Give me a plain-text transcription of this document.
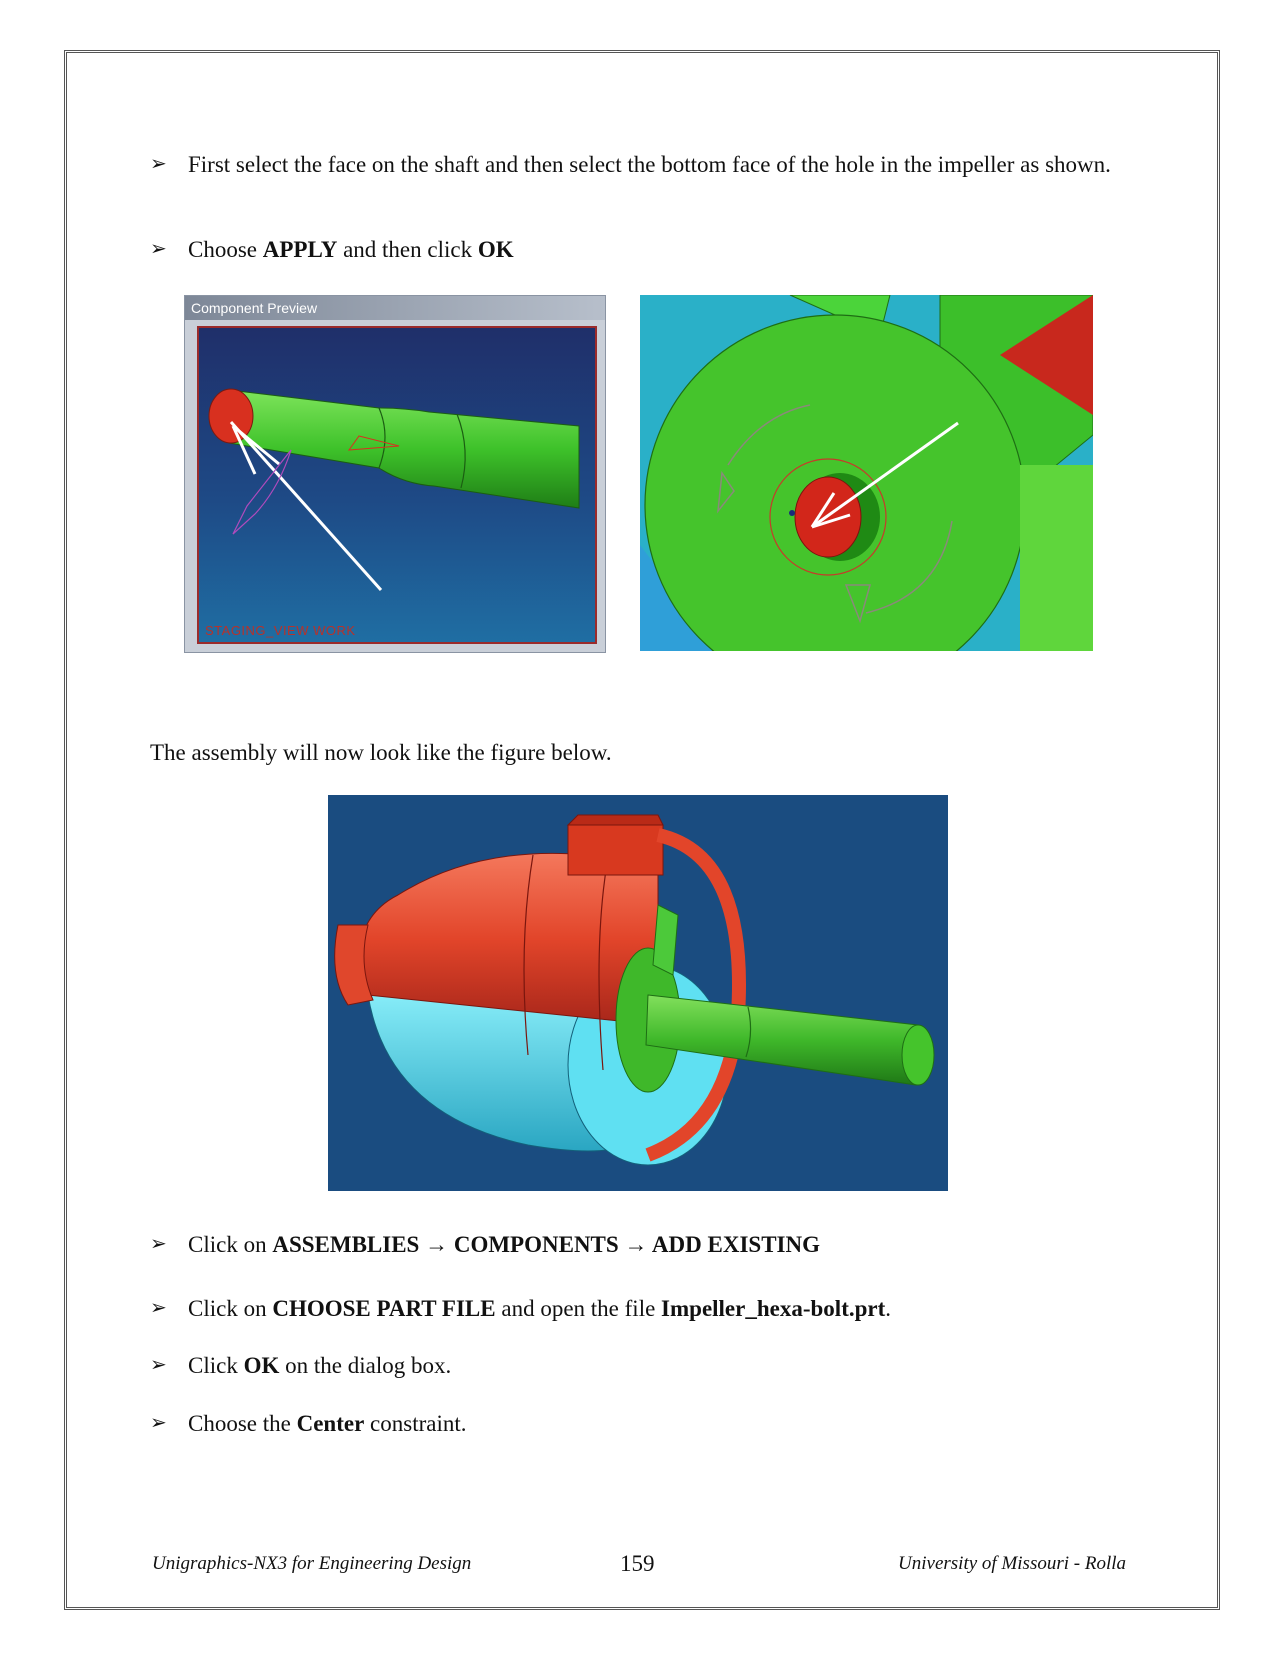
➢ First select the face on the shaft and then select the bottom face of the hole in the impeller as shown.
➢ Choose APPLY and then click OK
Component Preview
STAGING_VIEW WORK
The assembly will now look like the figure below.
➢ Click on ASSEMBLIES → COMPONENTS → ADD EXISTING
➢ Click on CHOOSE PART FILE and open the file Impeller_hexa-bolt.prt.
➢ Click OK on the dialog box.
➢ Choose the Center constraint.
Unigraphics-NX3 for Engineering Design	159	University of Missouri - Rolla
